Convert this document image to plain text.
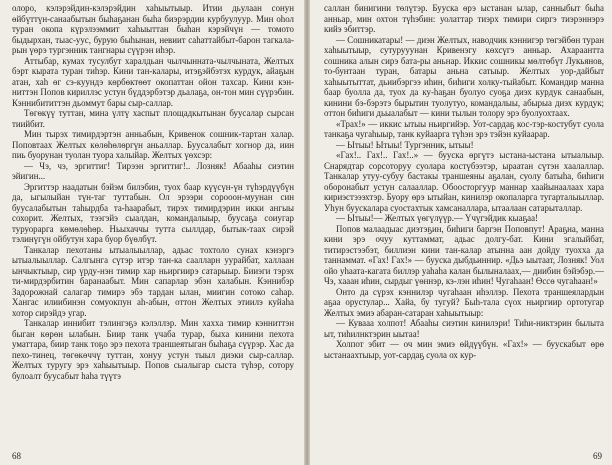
олоро, кэлэрэйдин-кэлэрэйдин хаһыытыыр. Итии дьулаан сонун өйбүттүн-санаабытын быһаҕанан быһа биэрэрдии курбуулуур. Мин оһол туран окопа күрэлээммит хаһыыттан быһан кэрэйчүн — томото быдырхан, тыас-уус, бурую быһынан, невиит саһаттайбыт-барон тагкала-рын үөрэ тургэнник тангнары сүүрэн иһэр.

Аттыбар, кумах тусулбут харалдьан чылчынната-чылчыната, Желтых бэрт кырата туран тиһэр. Кини тан-калары, итэҕэйбэтэх курдук, айаҕын атан, хаһ өг сэ-куундэ көрбөктөөт окопаттан ойон тахсар. Кини кэн-ниттэн Попов кириллэс устун бүддэрбэтэр дьалаҕа, он-тон мин сүүрэбин. Кэннибититтэн дьоммут бары сыр-саллар.

Төгөкүү туттан, мина үлтү хаспыт площадкытынан буусалар сырсан тиийбит.

Мин тырэх тимирдэртэн анньабын, Кривенок сошник-тартан халар. Поповтаах Желтых көлөһөлөргүн аньаллар. Буусалабыт хогнор да, иин пиь буорунан туолан туора халыйар. Желтых үөхсэр:

— Чэ, чэ, эргиттиг! Тирээн эргиттиг!.. Лозняк! Абааһы сиэтин эйигин...

Эргиттэр наадатын бэйэм билэбин, туох баар күүсүн-үн түһэрдүүбүн да, ыгылыйан түн-таг туттабын. Ол эрээри сорооон-муунан син буусалабытын таһырдба та-һаарабыт, тирэх тимирдэрин икки ангыы сохорит. Желтых, тээгэйэ сыалдан, командалыыр, буусаҕа соиугар туруорарга көмөлөһөр. Ньыхаччы тутта сыллдар, бытык-таах сирэй тэлинүгүн ойбутун хара буор бүөлбүт.

Танкалар пехотаны ытыалыыллар, адьас тохтоло сунах кэнэргэ ытыалыыллар. Салгынга сүтэр итэр тан-ка саалларн уурайбат, халлаан ынчыктыыр, сир үрду-нэн тимир хар ньиргиирэ сатарыыр. Бииэги тэрэх ти-мирдэрбитин баранаабыт. Мин сапарлар эбэн халабын. Кэннибэр Задорожнай салагар тимирэ эбэ тардан ылан, миигин сотоко саһар. Хангас илиибинэн сомуокпун аһ-абын, оттон Желтых этиилэ куйаһа хотор сирэйдэ угар.

Танкалар иннибит тэлингэҕэ кэлэллэр. Мин хахха тимир кэнниттэн быган көрөн ылабын. Биир танк үчаба турар, быха кинини пехота уматтара, биир танк тоҕо эрэ пехота траншеятыган быһаҕа сүүрэр. Хас да пехо-тинец, төгөкөччү туттан, хонуу устун тыыл диэки сыр-саллар. Желтых туругу эрэ хаһыытыыр. Попов сыалыгар сыста түһэр, сотору булоалт буусабыт һаһа түүтэ

68

саллан бинигини төлүтэр. Бууска өрэ ыстанан ылар, санныбыт быһа анньар, мин охтон түһэбин: уолаттар тиэрх тимири сиргэ тиэрэннэрэ кийэ эбиттэр.

— Сошникатары! — диэн Желтых, наводчик кэннигэр төгэйбөн туран хаһыытыыр, сутурууунан Кривенэгу көхсүгэ анньар. Ахараантта сошника алын сирэ бата-ры аньнар. Иккис сошникы мөлтөбүт Лукьянов, то-бунтаан туран, батары аньна сатыыр. Желтых уор-дайбыт хаһыытыттат, дьиибэргээ иһин, биһиги холку-тыйабыт. Командир манна баар буолла да, туох да ку-һаҕан буолуо суоҕа диэх курдук санаабын, кинини бэ-бэрэтэ бырытин туолутуо, командалыы, абырыа диэх курдук; оттон биһиги дьыалабыт — кини тылын толору эрэ буолуохтаах.

«Трах!» — иккис ытыы ньиргийэр. Уот-сардаҕ кос-тэр-костубут суола танкаҕа чугаһыыр, танк куйаарга түһэн эрэ тэйэн куйаарар.

— Ытыы! Ытыы! Тургэнник, ытыы!

«Гах!.. Гах!.. Гах!..» — бууска өргүтэ ыстана-ыстана ытыалыыр. Снарядтар сорсоторуу суолара костүбээтэр, ыраатан сүтэн хаалаллар. Танкалар утуу-субуу бастакы траншеяны аҕалан, суолу батыһа, биһиги оборонабыт устун салааллар. Обоосторгуур маннар хаайынаалаах хара кириэстэээхтэр. Буору өрэ ытыйан, кинилэр окопаларга тугарталыыллар. Уһун буускалара суостахтык хамсаналлара, ытаалаан сатарыталлар.

— Ытыы!— Желтых үөгүлүүр.— Үчүгэйдик кыаҕаа!

Попов малаадыас диэтэҕин, биһиги баргэн Поповпут! Араҕна, манна кини эрэ очуу куттаммат, адьас долгу-бат. Кини эгалыйбат, титирэстээбэт, биллиэн кини тан-калар атынна аан дойду туохха да таннаммат. «Гах! Гах!» — бууска дыбдьиннир. «Дьэ ыытаат, Лозняк! Уол ойо уһаата-кагата биллэр уаһаһа калан былыналаах,— диибин бэйэбэр.— Чэ, хааан иһин, сырдыг үөннэр, кэ-лэн иһин! Чугаһаан! Өссө чугаһаан!»

Онто да сүрэх кэннилэр чугаһаан иһэллэр. Пехота траншеялардын аҕаа орустулар... Хайа, бу тугуй? Быһ-тала сүох ньиргиир ортотугар Желтых эмиэ абаран-сатаран хаһыытыыр:

— Кувааа холпот! Абааһы сиэтин кинилэри! Тиһи-никтэрин былыта ыт, тиһилнктэрин ыытаа!

Холпот эбит — оч мин эмиэ өйдүүбүн. «Гах!» — буускабыт өрө ыстанаахтыыр, уот-сардаҕ суола ох кур-

69
